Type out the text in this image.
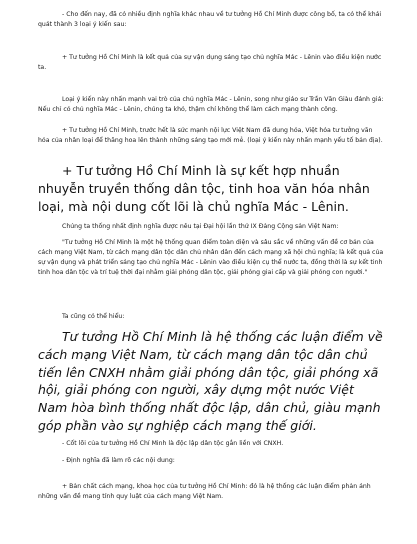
- Cho đến nay, đã có nhiều định nghĩa khác nhau về tư tưởng Hồ Chí Minh được công bố, ta có thể khái quát thành 3 loại ý kiến sau:
+ Tư tưởng Hồ Chí Minh là kết quả của sự vận dụng sáng tạo chủ nghĩa Mác - Lênin vào điều kiện nước ta.
Loại ý kiến này nhấn mạnh vai trò của chủ nghĩa Mác - Lênin, song như giáo sư Trần Văn Giàu đánh giá: Nếu chỉ có chủ nghĩa Mác - Lênin, chúng ta khó, thậm chí không thể làm cách mạng thành công.
+ Tư tưởng Hồ Chí Minh, trước hết là sức mạnh nội lực Việt Nam đã dung hóa, Việt hóa tư tưởng văn hóa của nhân loại để thăng hoa lên thành những sáng tạo mới mẻ. (loại ý kiến này nhấn mạnh yếu tố bản địa).
+ Tư tưởng Hồ Chí Minh là sự kết hợp nhuần nhuyễn truyền thống dân tộc, tinh hoa văn hóa nhân loại, mà nội dung cốt lõi là chủ nghĩa Mác - Lênin.
Chúng ta thống nhất định nghĩa được nêu tại Đại hội lần thứ IX Đảng Cộng sản Việt Nam:
"Tư tưởng Hồ Chí Minh là một hệ thống quan điểm toàn diện và sâu sắc về những vấn đề cơ bản của cách mạng Việt Nam, từ cách mạng dân tộc dân chủ nhân dân đến cách mạng xã hội chủ nghĩa; là kết quả của sự vận dụng và phát triển sáng tạo chủ nghĩa Mác - Lênin vào điều kiện cụ thể nước ta, đồng thời là sự kết tinh tinh hoa dân tộc và trí tuệ thời đại nhằm giải phóng dân tộc, giải phóng giai cấp và giải phóng con người."
Ta cũng có thể hiểu:
Tư tưởng Hồ Chí Minh là hệ thống các luận điểm về cách mạng Việt Nam, từ cách mạng dân tộc dân chủ tiến lên CNXH nhằm giải phóng dân tộc, giải phóng xã hội, giải phóng con người, xây dựng một nước Việt Nam hòa bình thống nhất độc lập, dân chủ, giàu mạnh góp phần vào sự nghiệp cách mạng thế giới.
- Cốt lõi của tư tưởng Hồ Chí Minh là độc lập dân tộc gắn liền với CNXH.
- Định nghĩa đã làm rõ các nội dung:
+ Bản chất cách mạng, khoa học của tư tưởng Hồ Chí Minh: đó là hệ thống các luận điểm phản ánh những vấn đề mang tính quy luật của cách mạng Việt Nam.
